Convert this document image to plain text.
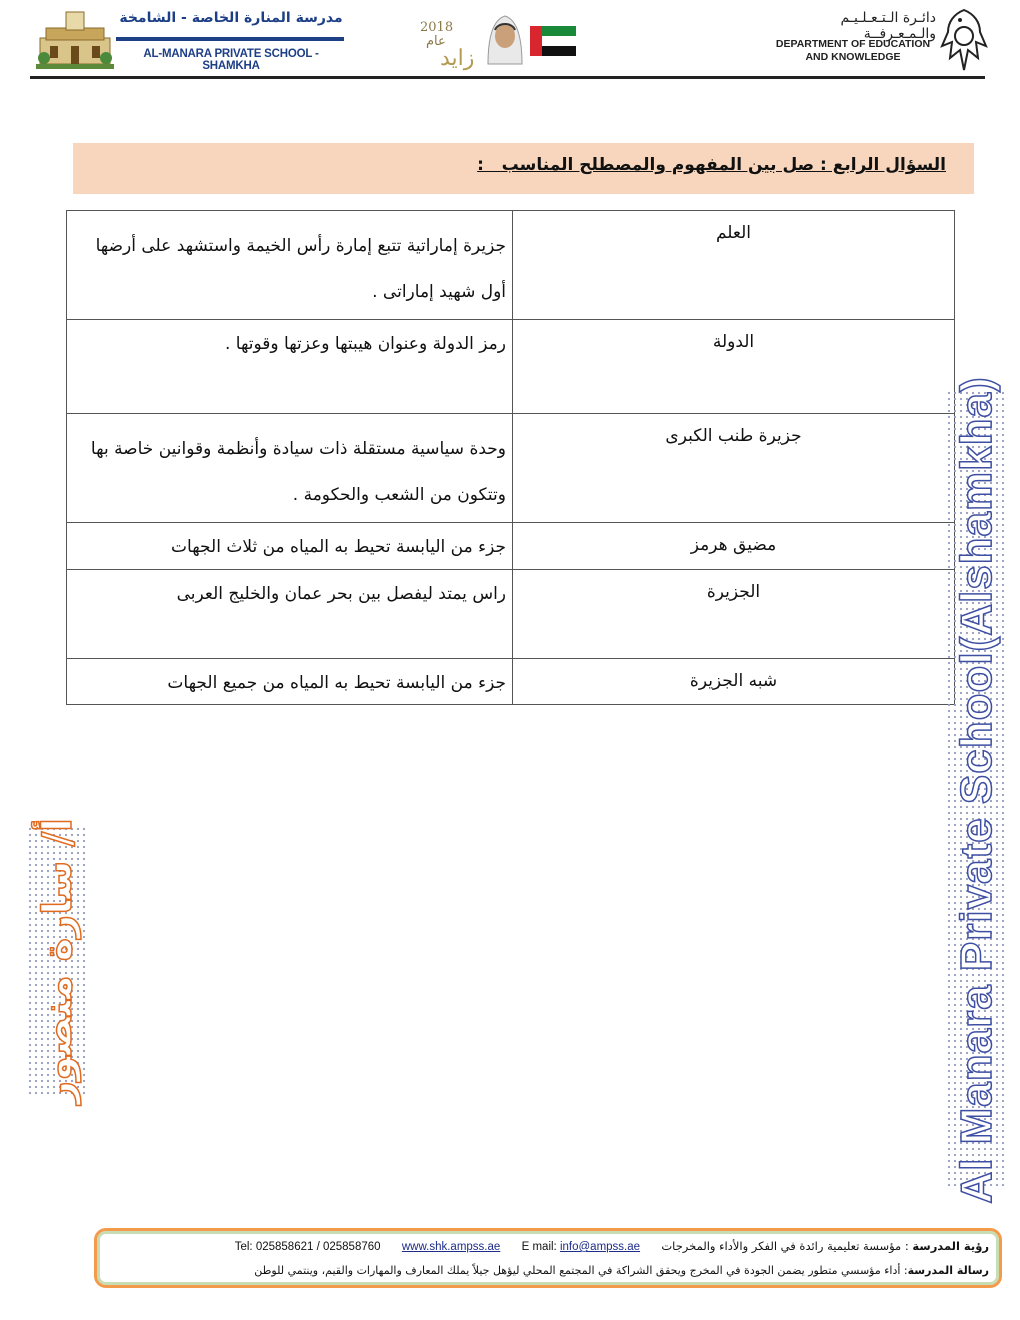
مدرسة المنارة الخاصة - الشامخة
AL-MANARA PRIVATE SCHOOL - SHAMKHA
2018
عام
زايد
دائـرة الـتـعـلـيـم والـمـعـرفــة
DEPARTMENT OF EDUCATION
AND KNOWLEDGE
السؤال الرابع : صل بين المفهوم والمصطلح المناسب   :
العلم	جزيرة إماراتية تتبع إمارة رأس الخيمة واستشهد على أرضها أول شهيد إماراتى .
الدولة	رمز الدولة وعنوان هيبتها وعزتها وقوتها .

جزيرة طنب الكبرى	وحدة سياسية مستقلة ذات سيادة وأنظمة وقوانين خاصة بها وتتكون من الشعب والحكومة .
مضيق هرمز	جزء من اليابسة تحيط به المياه من ثلاث الجهات

الجزيرة	راس يمتد ليفصل بين بحر عمان والخليج العربى

شبه الجزيرة	جزء من اليابسة تحيط به المياه من جميع الجهات	Al Manara Private School(Alshamkha)
أ/ سارة منصور
رؤية المدرسة : مؤسسة تعليمية رائدة في الفكر والأداء والمخرجات  Tel: 025858621 / 025858760 www.shk.ampss.ae E mail: info@ampss.ae
رسالة المدرسة: أداء مؤسسي متطور يضمن الجودة في المخرج ويحقق الشراكة في المجتمع المحلي ليؤهل جيلاً يملك المعارف والمهارات والقيم، وينتمي للوطن
